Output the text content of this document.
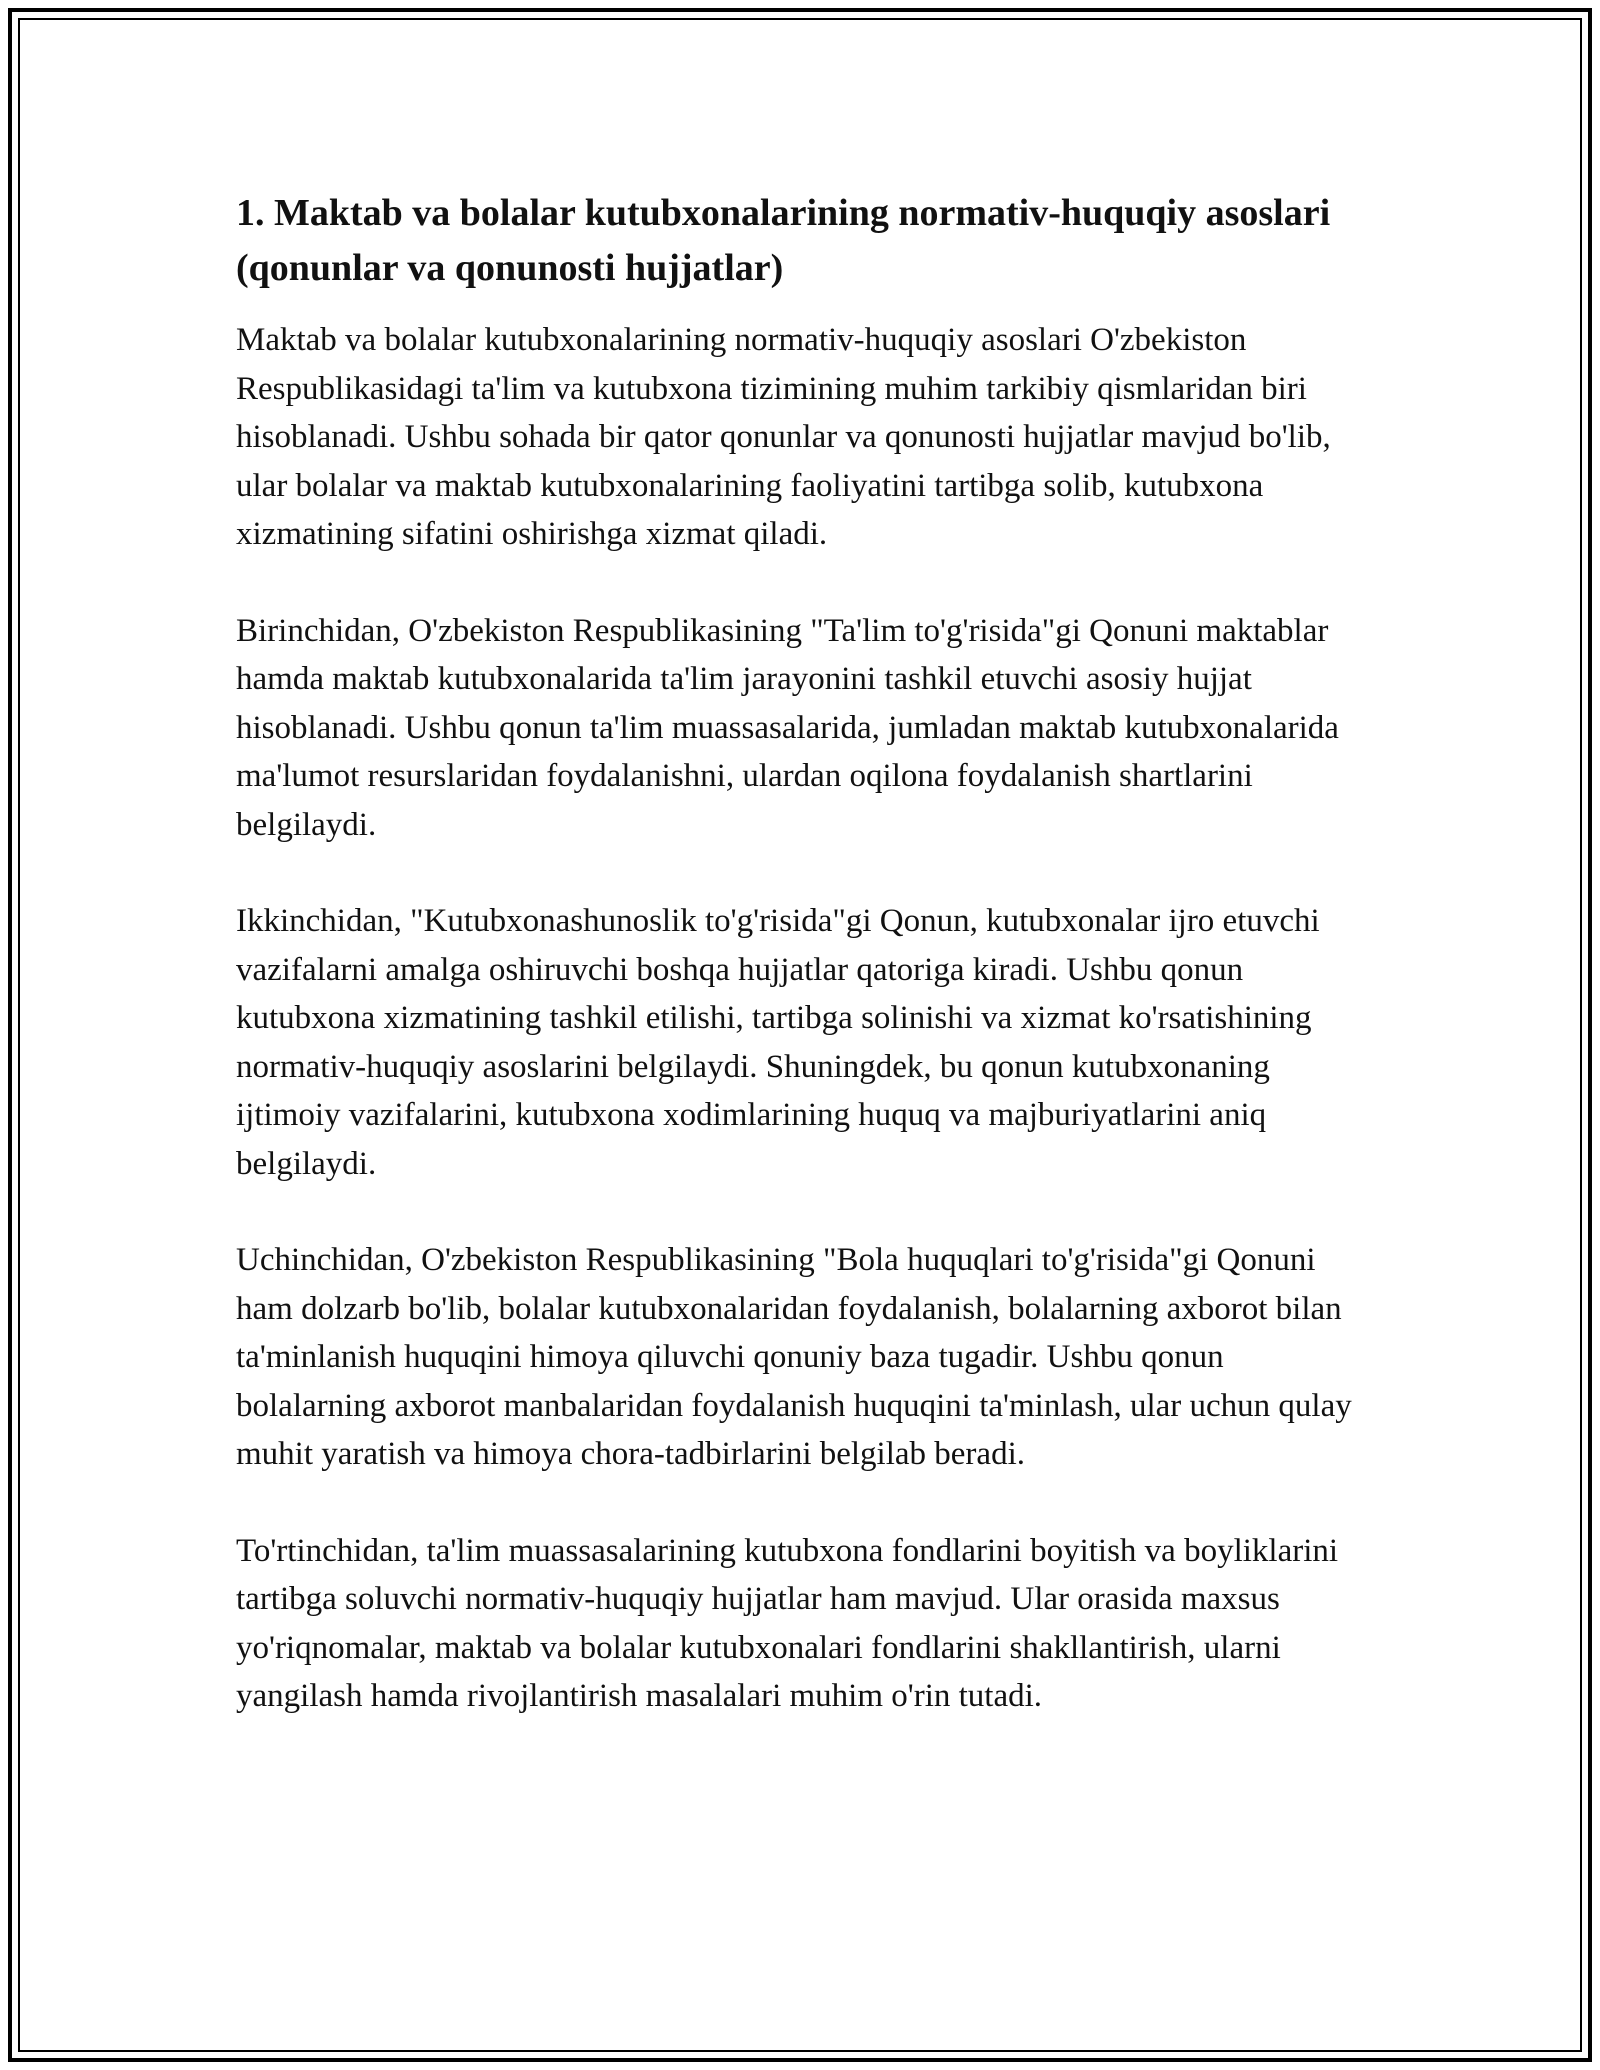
1. Maktab va bolalar kutubxonalarining normativ-huquqiy asoslari (qonunlar va qonunosti hujjatlar)

Maktab va bolalar kutubxonalarining normativ-huquqiy asoslari O'zbekiston Respublikasidagi ta'lim va kutubxona tizimining muhim tarkibiy qismlaridan biri hisoblanadi. Ushbu sohada bir qator qonunlar va qonunosti hujjatlar mavjud bo'lib, ular bolalar va maktab kutubxonalarining faoliyatini tartibga solib, kutubxona xizmatining sifatini oshirishga xizmat qiladi.

Birinchidan, O'zbekiston Respublikasining "Ta'lim to'g'risida"gi Qonuni maktablar hamda maktab kutubxonalarida ta'lim jarayonini tashkil etuvchi asosiy hujjat hisoblanadi. Ushbu qonun ta'lim muassasalarida, jumladan maktab kutubxonalarida ma'lumot resurslaridan foydalanishni, ulardan oqilona foydalanish shartlarini belgilaydi.

Ikkinchidan, "Kutubxonashunoslik to'g'risida"gi Qonun, kutubxonalar ijro etuvchi vazifalarni amalga oshiruvchi boshqa hujjatlar qatoriga kiradi. Ushbu qonun kutubxona xizmatining tashkil etilishi, tartibga solinishi va xizmat ko'rsatishining normativ-huquqiy asoslarini belgilaydi. Shuningdek, bu qonun kutubxonaning ijtimoiy vazifalarini, kutubxona xodimlarining huquq va majburiyatlarini aniq belgilaydi.

Uchinchidan, O'zbekiston Respublikasining "Bola huquqlari to'g'risida"gi Qonuni ham dolzarb bo'lib, bolalar kutubxonalaridan foydalanish, bolalarning axborot bilan ta'minlanish huquqini himoya qiluvchi qonuniy baza tugadir. Ushbu qonun bolalarning axborot manbalaridan foydalanish huquqini ta'minlash, ular uchun qulay muhit yaratish va himoya chora-tadbirlarini belgilab beradi.

To'rtinchidan, ta'lim muassasalarining kutubxona fondlarini boyitish va boyliklarini tartibga soluvchi normativ-huquqiy hujjatlar ham mavjud. Ular orasida maxsus yo'riqnomalar, maktab va bolalar kutubxonalari fondlarini shakllantirish, ularni yangilash hamda rivojlantirish masalalari muhim o'rin tutadi.
